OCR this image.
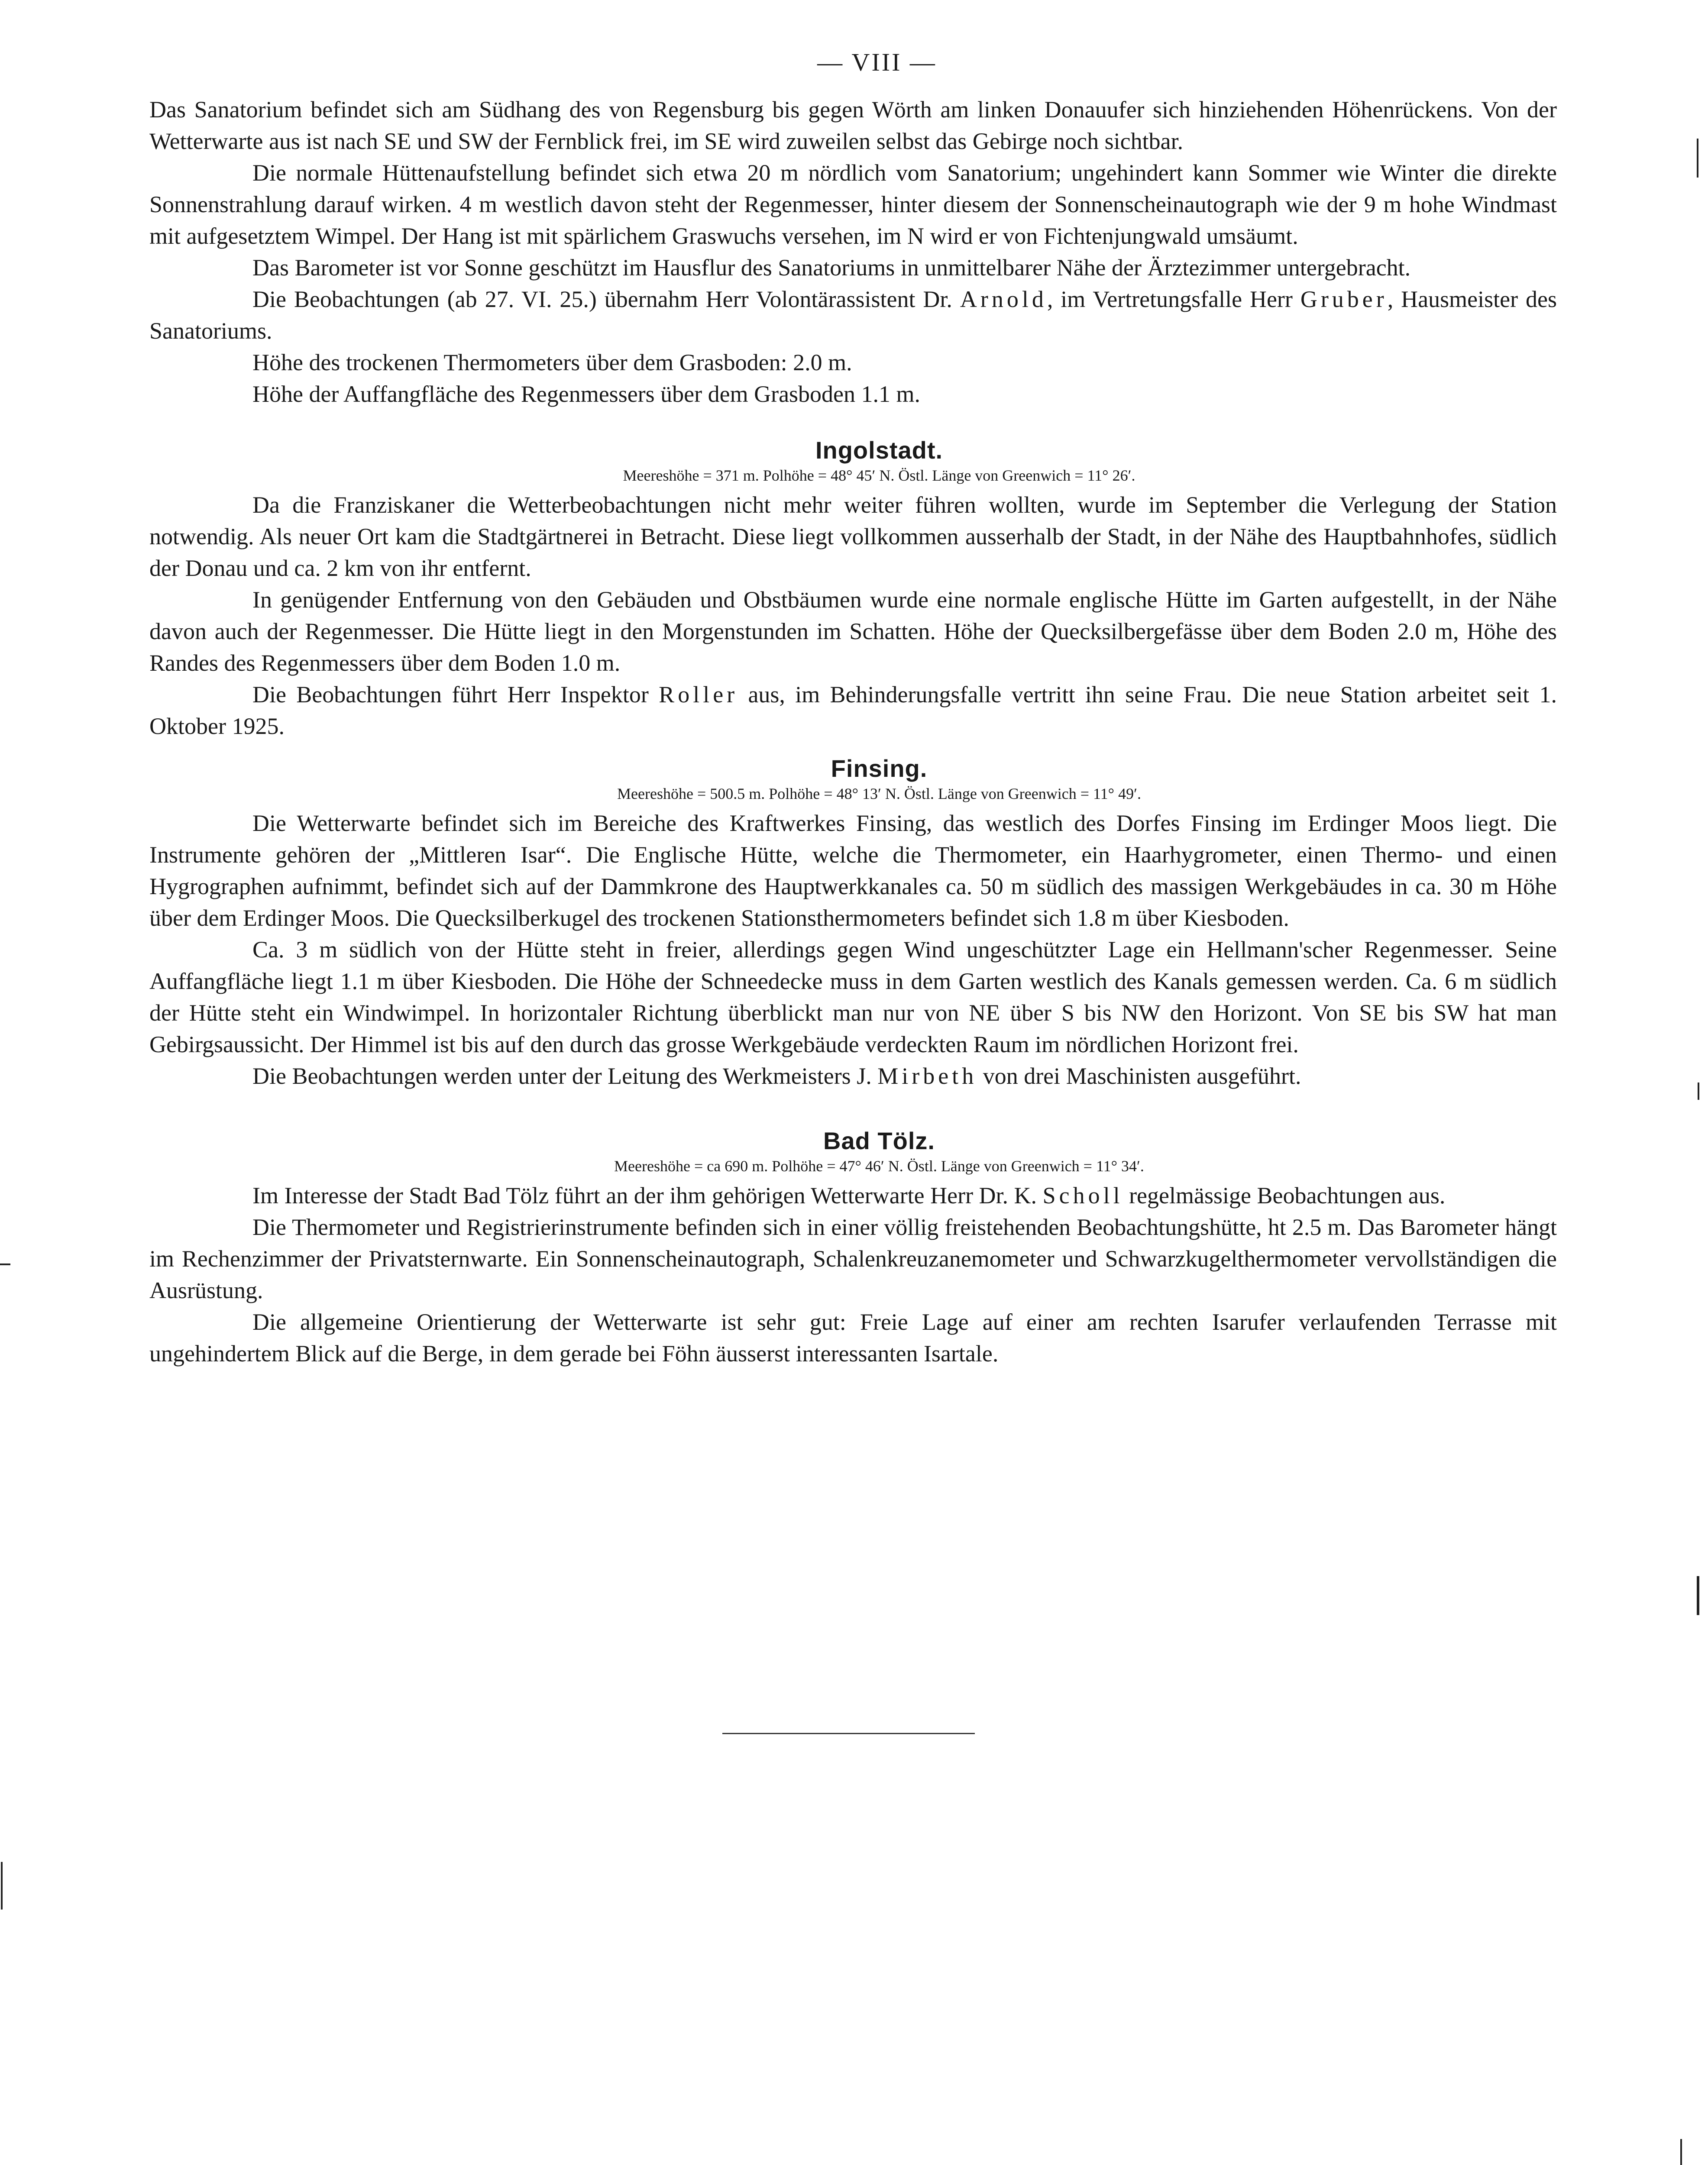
— VIII —

Das Sanatorium befindet sich am Südhang des von Regensburg bis gegen Wörth am linken Donauufer sich hinziehenden Höhenrückens. Von der Wetterwarte aus ist nach SE und SW der Fernblick frei, im SE wird zuweilen selbst das Gebirge noch sichtbar.

Die normale Hüttenaufstellung befindet sich etwa 20 m nördlich vom Sanatorium; ungehindert kann Sommer wie Winter die direkte Sonnenstrahlung darauf wirken. 4 m westlich davon steht der Regenmesser, hinter diesem der Sonnenscheinautograph wie der 9 m hohe Windmast mit aufgesetztem Wimpel. Der Hang ist mit spärlichem Graswuchs versehen, im N wird er von Fichtenjungwald umsäumt.

Das Barometer ist vor Sonne geschützt im Hausflur des Sanatoriums in unmittelbarer Nähe der Ärztezimmer untergebracht.

Die Beobachtungen (ab 27. VI. 25.) übernahm Herr Volontärassistent Dr. Arnold, im Vertretungsfalle Herr Gruber, Hausmeister des Sanatoriums.

Höhe des trockenen Thermometers über dem Grasboden: 2.0 m.

Höhe der Auffangfläche des Regenmessers über dem Grasboden 1.1 m.

Ingolstadt.

Meereshöhe = 371 m. Polhöhe = 48° 45′ N. Östl. Länge von Greenwich = 11° 26′.

Da die Franziskaner die Wetterbeobachtungen nicht mehr weiter führen wollten, wurde im September die Verlegung der Station notwendig. Als neuer Ort kam die Stadtgärtnerei in Betracht. Diese liegt vollkommen ausserhalb der Stadt, in der Nähe des Hauptbahnhofes, südlich der Donau und ca. 2 km von ihr entfernt.

In genügender Entfernung von den Gebäuden und Obstbäumen wurde eine normale englische Hütte im Garten aufgestellt, in der Nähe davon auch der Regenmesser. Die Hütte liegt in den Morgenstunden im Schatten. Höhe der Quecksilbergefässe über dem Boden 2.0 m, Höhe des Randes des Regenmessers über dem Boden 1.0 m.

Die Beobachtungen führt Herr Inspektor Roller aus, im Behinderungsfalle vertritt ihn seine Frau. Die neue Station arbeitet seit 1. Oktober 1925.

Finsing.

Meereshöhe = 500.5 m. Polhöhe = 48° 13′ N. Östl. Länge von Greenwich = 11° 49′.

Die Wetterwarte befindet sich im Bereiche des Kraftwerkes Finsing, das westlich des Dorfes Finsing im Erdinger Moos liegt. Die Instrumente gehören der „Mittleren Isar“. Die Englische Hütte, welche die Thermometer, ein Haarhygrometer, einen Thermo- und einen Hygrographen aufnimmt, befindet sich auf der Dammkrone des Hauptwerkkanales ca. 50 m südlich des massigen Werkgebäudes in ca. 30 m Höhe über dem Erdinger Moos. Die Quecksilberkugel des trockenen Stationsthermometers befindet sich 1.8 m über Kiesboden.

Ca. 3 m südlich von der Hütte steht in freier, allerdings gegen Wind ungeschützter Lage ein Hellmann'scher Regenmesser. Seine Auffangfläche liegt 1.1 m über Kiesboden. Die Höhe der Schneedecke muss in dem Garten westlich des Kanals gemessen werden. Ca. 6 m südlich der Hütte steht ein Windwimpel. In horizontaler Richtung überblickt man nur von NE über S bis NW den Horizont. Von SE bis SW hat man Gebirgsaussicht. Der Himmel ist bis auf den durch das grosse Werkgebäude verdeckten Raum im nördlichen Horizont frei.

Die Beobachtungen werden unter der Leitung des Werkmeisters J. Mirbeth von drei Maschinisten ausgeführt.

Bad Tölz.

Meereshöhe = ca 690 m. Polhöhe = 47° 46′ N. Östl. Länge von Greenwich = 11° 34′.

Im Interesse der Stadt Bad Tölz führt an der ihm gehörigen Wetterwarte Herr Dr. K. Scholl regelmässige Beobachtungen aus.

Die Thermometer und Registrierinstrumente befinden sich in einer völlig freistehenden Beobachtungshütte, ht 2.5 m. Das Barometer hängt im Rechenzimmer der Privatsternwarte. Ein Sonnenscheinautograph, Schalenkreuzanemometer und Schwarzkugelthermometer vervollständigen die Ausrüstung.

Die allgemeine Orientierung der Wetterwarte ist sehr gut: Freie Lage auf einer am rechten Isarufer verlaufenden Terrasse mit ungehindertem Blick auf die Berge, in dem gerade bei Föhn äusserst interessanten Isartale.
